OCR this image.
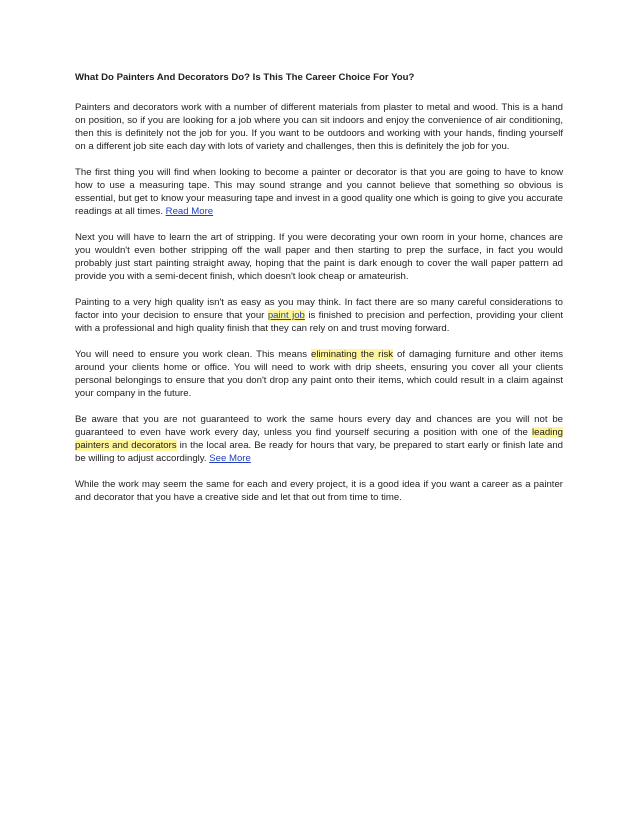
What Do Painters And Decorators Do? Is This The Career Choice For You?

Painters and decorators work with a number of different materials from plaster to metal and wood. This is a hand on position, so if you are looking for a job where you can sit indoors and enjoy the convenience of air conditioning, then this is definitely not the job for you. If you want to be outdoors and working with your hands, finding yourself on a different job site each day with lots of variety and challenges, then this is definitely the job for you.

The first thing you will find when looking to become a painter or decorator is that you are going to have to know how to use a measuring tape. This may sound strange and you cannot believe that something so obvious is essential, but get to know your measuring tape and invest in a good quality one which is going to give you accurate readings at all times. Read More

Next you will have to learn the art of stripping. If you were decorating your own room in your home, chances are you wouldn't even bother stripping off the wall paper and then starting to prep the surface, in fact you would probably just start painting straight away, hoping that the paint is dark enough to cover the wall paper pattern ad provide you with a semi-decent finish, which doesn't look cheap or amateurish.

Painting to a very high quality isn't as easy as you may think. In fact there are so many careful considerations to factor into your decision to ensure that your paint job is finished to precision and perfection, providing your client with a professional and high quality finish that they can rely on and trust moving forward.

You will need to ensure you work clean. This means eliminating the risk of damaging furniture and other items around your clients home or office. You will need to work with drip sheets, ensuring you cover all your clients personal belongings to ensure that you don't drop any paint onto their items, which could result in a claim against your company in the future.

Be aware that you are not guaranteed to work the same hours every day and chances are you will not be guaranteed to even have work every day, unless you find yourself securing a position with one of the leading painters and decorators in the local area. Be ready for hours that vary, be prepared to start early or finish late and be willing to adjust accordingly. See More

While the work may seem the same for each and every project, it is a good idea if you want a career as a painter and decorator that you have a creative side and let that out from time to time.
